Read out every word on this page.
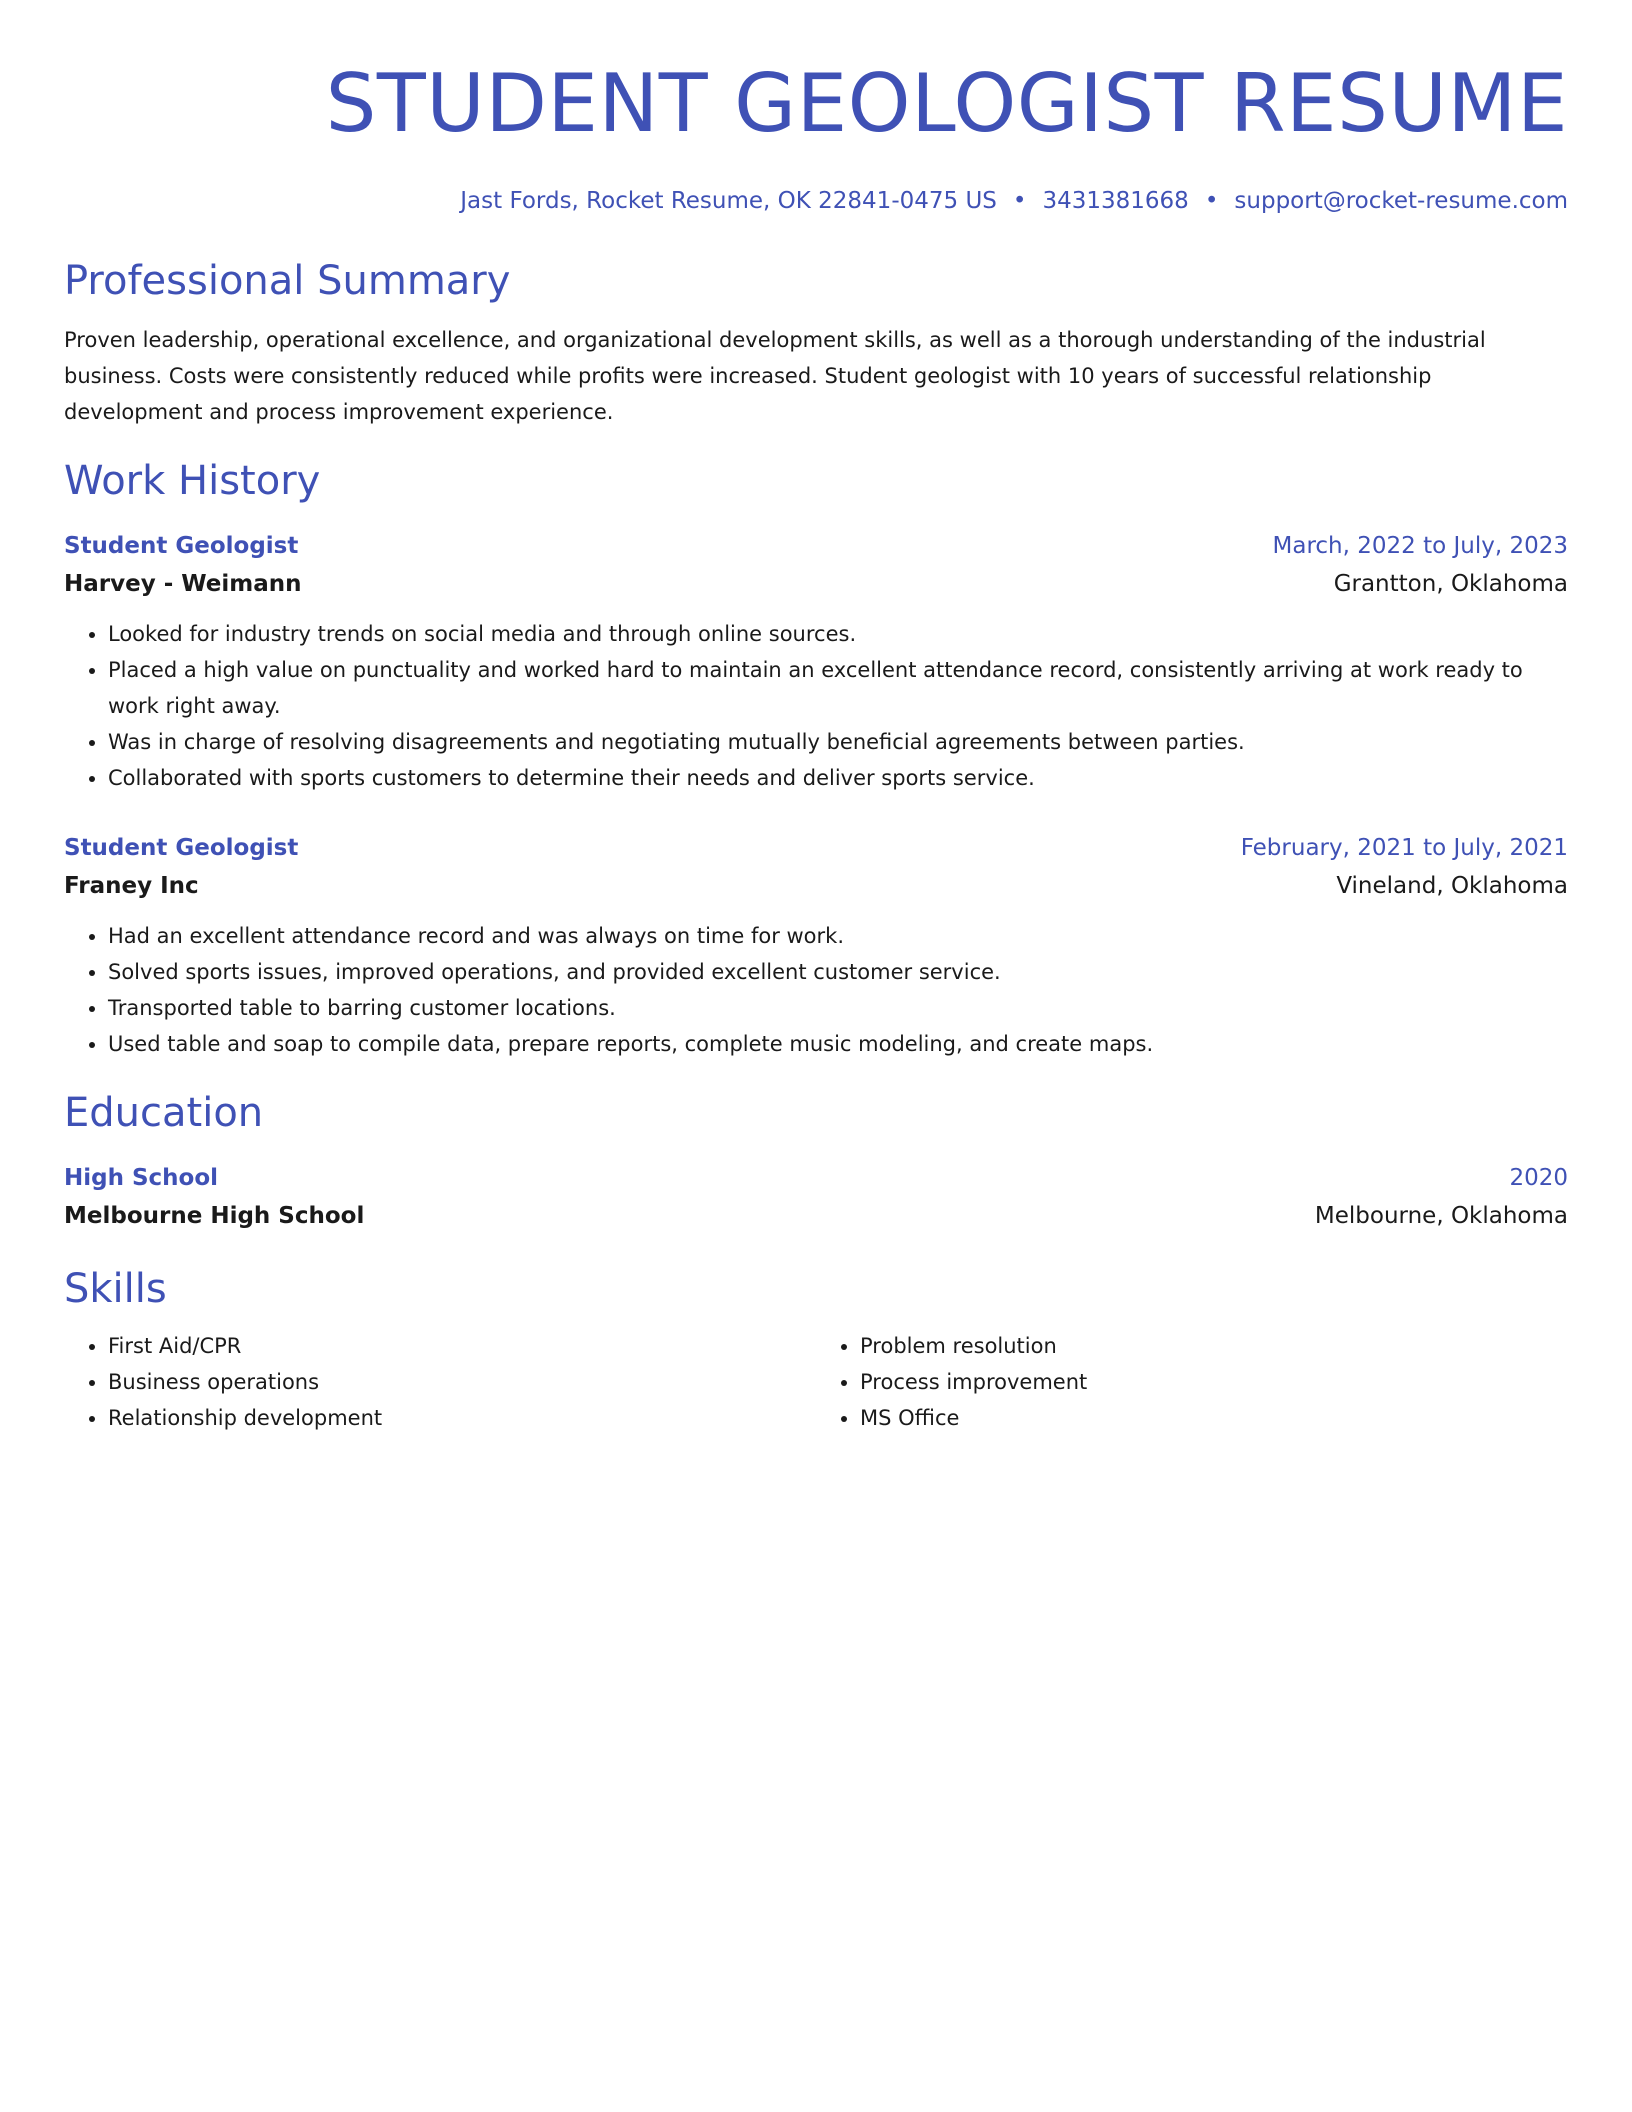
STUDENT GEOLOGIST RESUME
Jast Fords, Rocket Resume, OK 22841-0475 US • 3431381668 • support@rocket-resume.com
Professional Summary
Proven leadership, operational excellence, and organizational development skills, as well as a thorough understanding of the industrial business. Costs were consistently reduced while profits were increased. Student geologist with 10 years of successful relationship development and process improvement experience.
Work History
Student Geologist	March, 2022 to July, 2023
Harvey - Weimann	Grantton, Oklahoma
• Looked for industry trends on social media and through online sources.
• Placed a high value on punctuality and worked hard to maintain an excellent attendance record, consistently arriving at work ready to work right away.
• Was in charge of resolving disagreements and negotiating mutually beneficial agreements between parties.
• Collaborated with sports customers to determine their needs and deliver sports service.
Student Geologist	February, 2021 to July, 2021
Franey Inc	Vineland, Oklahoma
• Had an excellent attendance record and was always on time for work.
• Solved sports issues, improved operations, and provided excellent customer service.
• Transported table to barring customer locations.
• Used table and soap to compile data, prepare reports, complete music modeling, and create maps.
Education
High School	2020
Melbourne High School	Melbourne, Oklahoma
Skills
• First Aid/CPR
• Business operations
• Relationship development
• Problem resolution
• Process improvement
• MS Office
